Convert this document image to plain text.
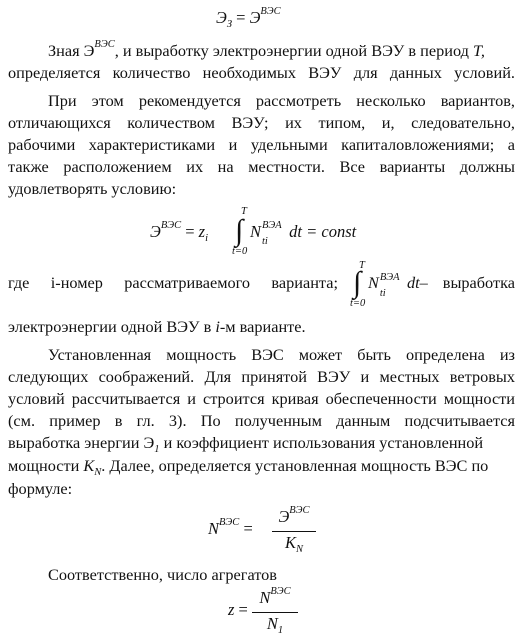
$Э_З = Э^{ВЭС}$
Зная $Э^{ВЭС}$, и выработку электроэнергии одной ВЭУ в период T,
определяется количество необходимых ВЭУ для данных условий.
При этом рекомендуется рассмотреть несколько вариантов,
отличающихся количеством ВЭУ; их типом, и, следовательно,
рабочими характеристиками и удельными капиталовложениями; а
также расположением их на местности. Все варианты должны
удовлетворять условию:
$Э^{ВЭС} = z_i$
T
∫
t=0
N ВЭА
ti
dt = const
где i-номер рассматриваемого варианта;
T
∫
t=0
N ВЭА
ti
dt– выработка
электроэнергии одной ВЭУ в i-м варианте.
Установленная мощность ВЭС может быть определена из
следующих соображений. Для принятой ВЭУ и местных ветровых
условий рассчитывается и строится кривая обеспеченности мощности
(см. пример в гл. 3). По полученным данным подсчитывается
выработка энергии $Э_1$ и коэффициент использования установленной
мощности $K_N$. Далее, определяется установленная мощность ВЭС по
формуле:
$N^{ВЭС}$ =
$Э^{ВЭС}$
$K_N$
Соответственно, число агрегатов
z =
$N^{ВЭС}$
$N_1$
